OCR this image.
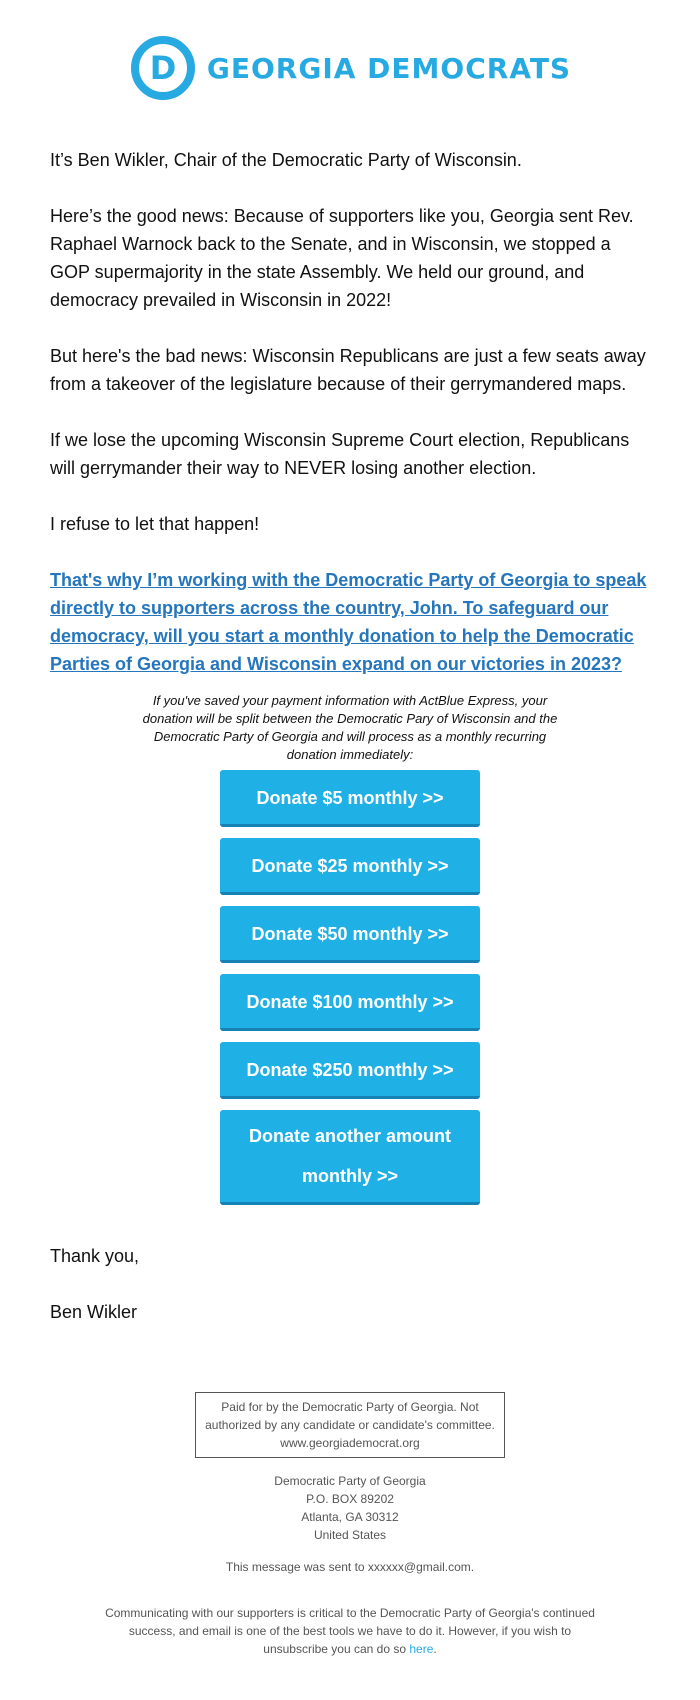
D GEORGIA DEMOCRATS

It’s Ben Wikler, Chair of the Democratic Party of Wisconsin.

Here’s the good news: Because of supporters like you, Georgia sent Rev. Raphael Warnock back to the Senate, and in Wisconsin, we stopped a GOP supermajority in the state Assembly. We held our ground, and democracy prevailed in Wisconsin in 2022!

But here's the bad news: Wisconsin Republicans are just a few seats away from a takeover of the legislature because of their gerrymandered maps.

If we lose the upcoming Wisconsin Supreme Court election, Republicans will gerrymander their way to NEVER losing another election.

I refuse to let that happen!

That's why I’m working with the Democratic Party of Georgia to speak directly to supporters across the country, John. To safeguard our democracy, will you start a monthly donation to help the Democratic Parties of Georgia and Wisconsin expand on our victories in 2023?

If you've saved your payment information with ActBlue Express, your donation will be split between the Democratic Pary of Wisconsin and the Democratic Party of Georgia and will process as a monthly recurring donation immediately:

Donate $5 monthly >>
Donate $25 monthly >>
Donate $50 monthly >>
Donate $100 monthly >>
Donate $250 monthly >>
Donate another amount monthly >>
Thank you,
Ben Wikler
Paid for by the Democratic Party of Georgia. Not authorized by any candidate or candidate's committee. www.georgiademocrat.org
Democratic Party of Georgia
P.O. BOX 89202
Atlanta, GA 30312
United States
This message was sent to xxxxxx@gmail.com.
Communicating with our supporters is critical to the Democratic Party of Georgia's continued success, and email is one of the best tools we have to do it. However, if you wish to unsubscribe you can do so here.
